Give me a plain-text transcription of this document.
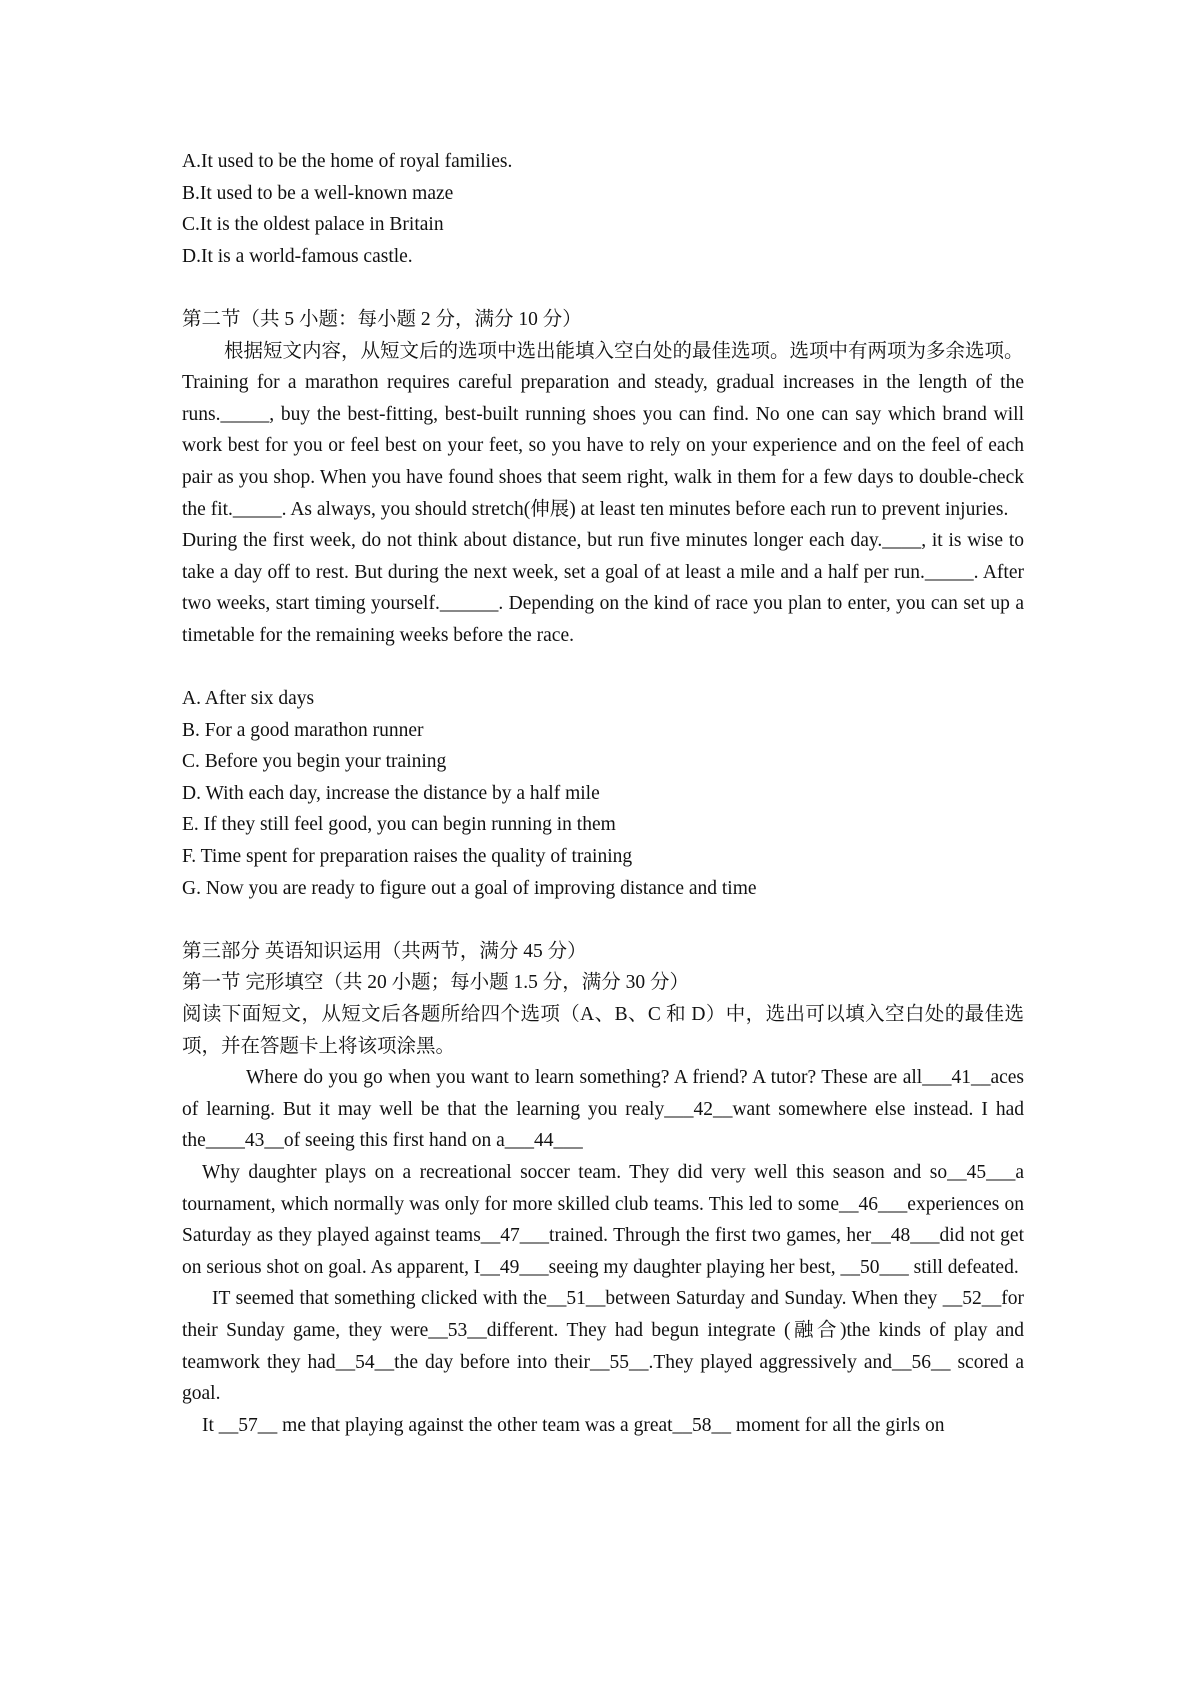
A.It used to be the home of royal families.
B.It used to be a well-known maze
C.It is the oldest palace in Britain
D.It is a world-famous castle.
第二节（共 5 小题：每小题 2 分，满分 10 分）

根据短文内容，从短文后的选项中选出能填入空白处的最佳选项。选项中有两项为多余选项。

Training for a marathon requires careful preparation and steady, gradual increases in the length of the runs._____, buy the best-fitting, best-built running shoes you can find. No one can say which brand will work best for you or feel best on your feet, so you have to rely on your experience and on the feel of each pair as you shop. When you have found shoes that seem right, walk in them for a few days to double-check the fit._____. As always, you should stretch(伸展) at least ten minutes before each run to prevent injuries.

During the first week, do not think about distance, but run five minutes longer each day.____, it is wise to take a day off to rest. But during the next week, set a goal of at least a mile and a half per run._____. After two weeks, start timing yourself.______. Depending on the kind of race you plan to enter, you can set up a timetable for the remaining weeks before the race.

A. After six days
B. For a good marathon runner
C. Before you begin your training
D. With each day, increase the distance by a half mile
E. If they still feel good, you can begin running in them
F. Time spent for preparation raises the quality of training
G. Now you are ready to figure out a goal of improving distance and time
第三部分 英语知识运用（共两节，满分 45 分）
第一节 完形填空（共 20 小题；每小题 1.5 分，满分 30 分）

阅读下面短文，从短文后各题所给四个选项（A、B、C 和 D）中，选出可以填入空白处的最佳选项，并在答题卡上将该项涂黑。

Where do you go when you want to learn something? A friend? A tutor? These are all___41__aces of learning. But it may well be that the learning you realy___42__want somewhere else instead. I had the____43__of seeing this first hand on a___44___

Why daughter plays on a recreational soccer team. They did very well this season and so__45___a tournament, which normally was only for more skilled club teams. This led to some__46___experiences on Saturday as they played against teams__47___trained. Through the first two games, her__48___did not get on serious shot on goal. As apparent, I__49___seeing my daughter playing her best, __50___ still defeated.

IT seemed that something clicked with the__51__between Saturday and Sunday. When they __52__for their Sunday game, they were__53__different. They had begun integrate (融合)the kinds of play and teamwork they had__54__the day before into their__55__.They played aggressively and__56__ scored a goal.

It __57__ me that playing against the other team was a great__58__ moment for all the girls on
